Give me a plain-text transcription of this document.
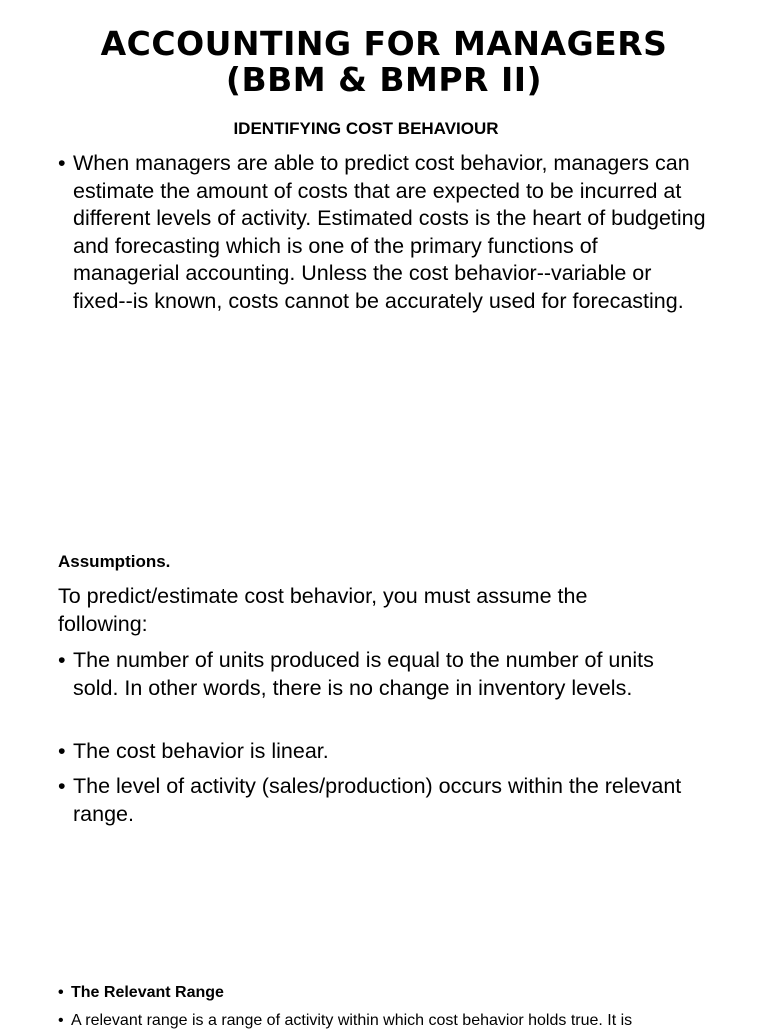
ACCOUNTING FOR MANAGERS
(BBM & BMPR II)
IDENTIFYING COST BEHAVIOUR
• When managers are able to predict cost behavior, managers can estimate the amount of costs that are expected to be incurred at different levels of activity. Estimated costs is the heart of budgeting and forecasting which is one of the primary functions of managerial accounting. Unless the cost behavior--variable or fixed--is known, costs cannot be accurately used for forecasting.
Assumptions.
To predict/estimate cost behavior, you must assume the following:
• The number of units produced is equal to the number of units sold. In other words, there is no change in inventory levels.
• The cost behavior is linear.
• The level of activity (sales/production) occurs within the relevant range.
• The Relevant Range
• A relevant range is a range of activity within which cost behavior holds true. It is
